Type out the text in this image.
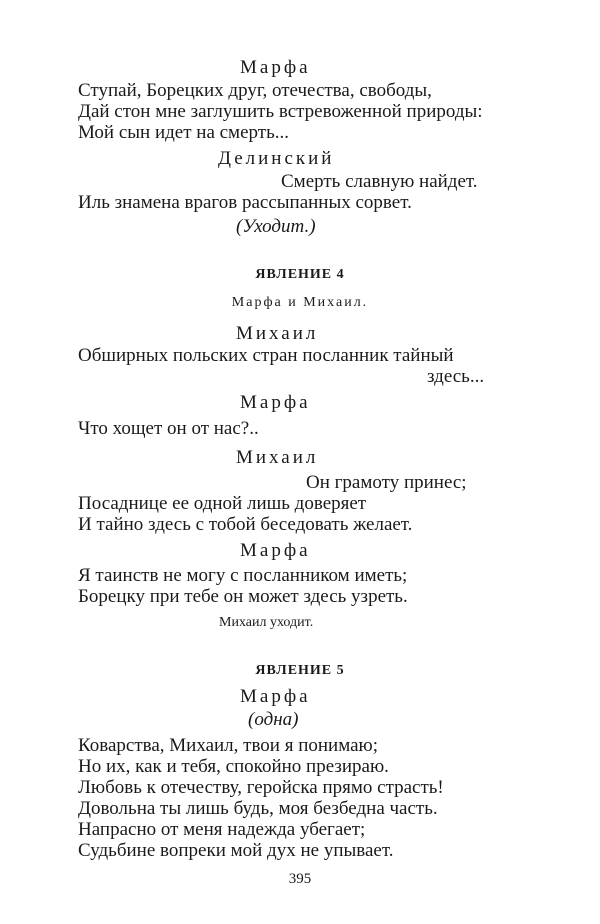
Марфа
Ступай, Борецких друг, отечества, свободы,
Дай стон мне заглушить встревоженной природы:
Мой сын идет на смерть...
Делинский
Смерть славную найдет.
Иль знамена врагов рассыпанных сорвет.
(Уходит.)
ЯВЛЕНИЕ 4
Марфа и Михаил.
Михаил
Обширных польских стран посланник тайный
здесь...
Марфа
Что хощет он от нас?..
Михаил
Он грамоту принес;
Посаднице ее одной лишь доверяет
И тайно здесь с тобой беседовать желает.
Марфа
Я таинств не могу с посланником иметь;
Борецку при тебе он может здесь узреть.
Михаил уходит.
ЯВЛЕНИЕ 5
Марфа
(одна)
Коварства, Михаил, твои я понимаю;
Но их, как и тебя, спокойно презираю.
Любовь к отечеству, геройска прямо страсть!
Довольна ты лишь будь, моя безбедна часть.
Напрасно от меня надежда убегает;
Судьбине вопреки мой дух не упывает.
395
